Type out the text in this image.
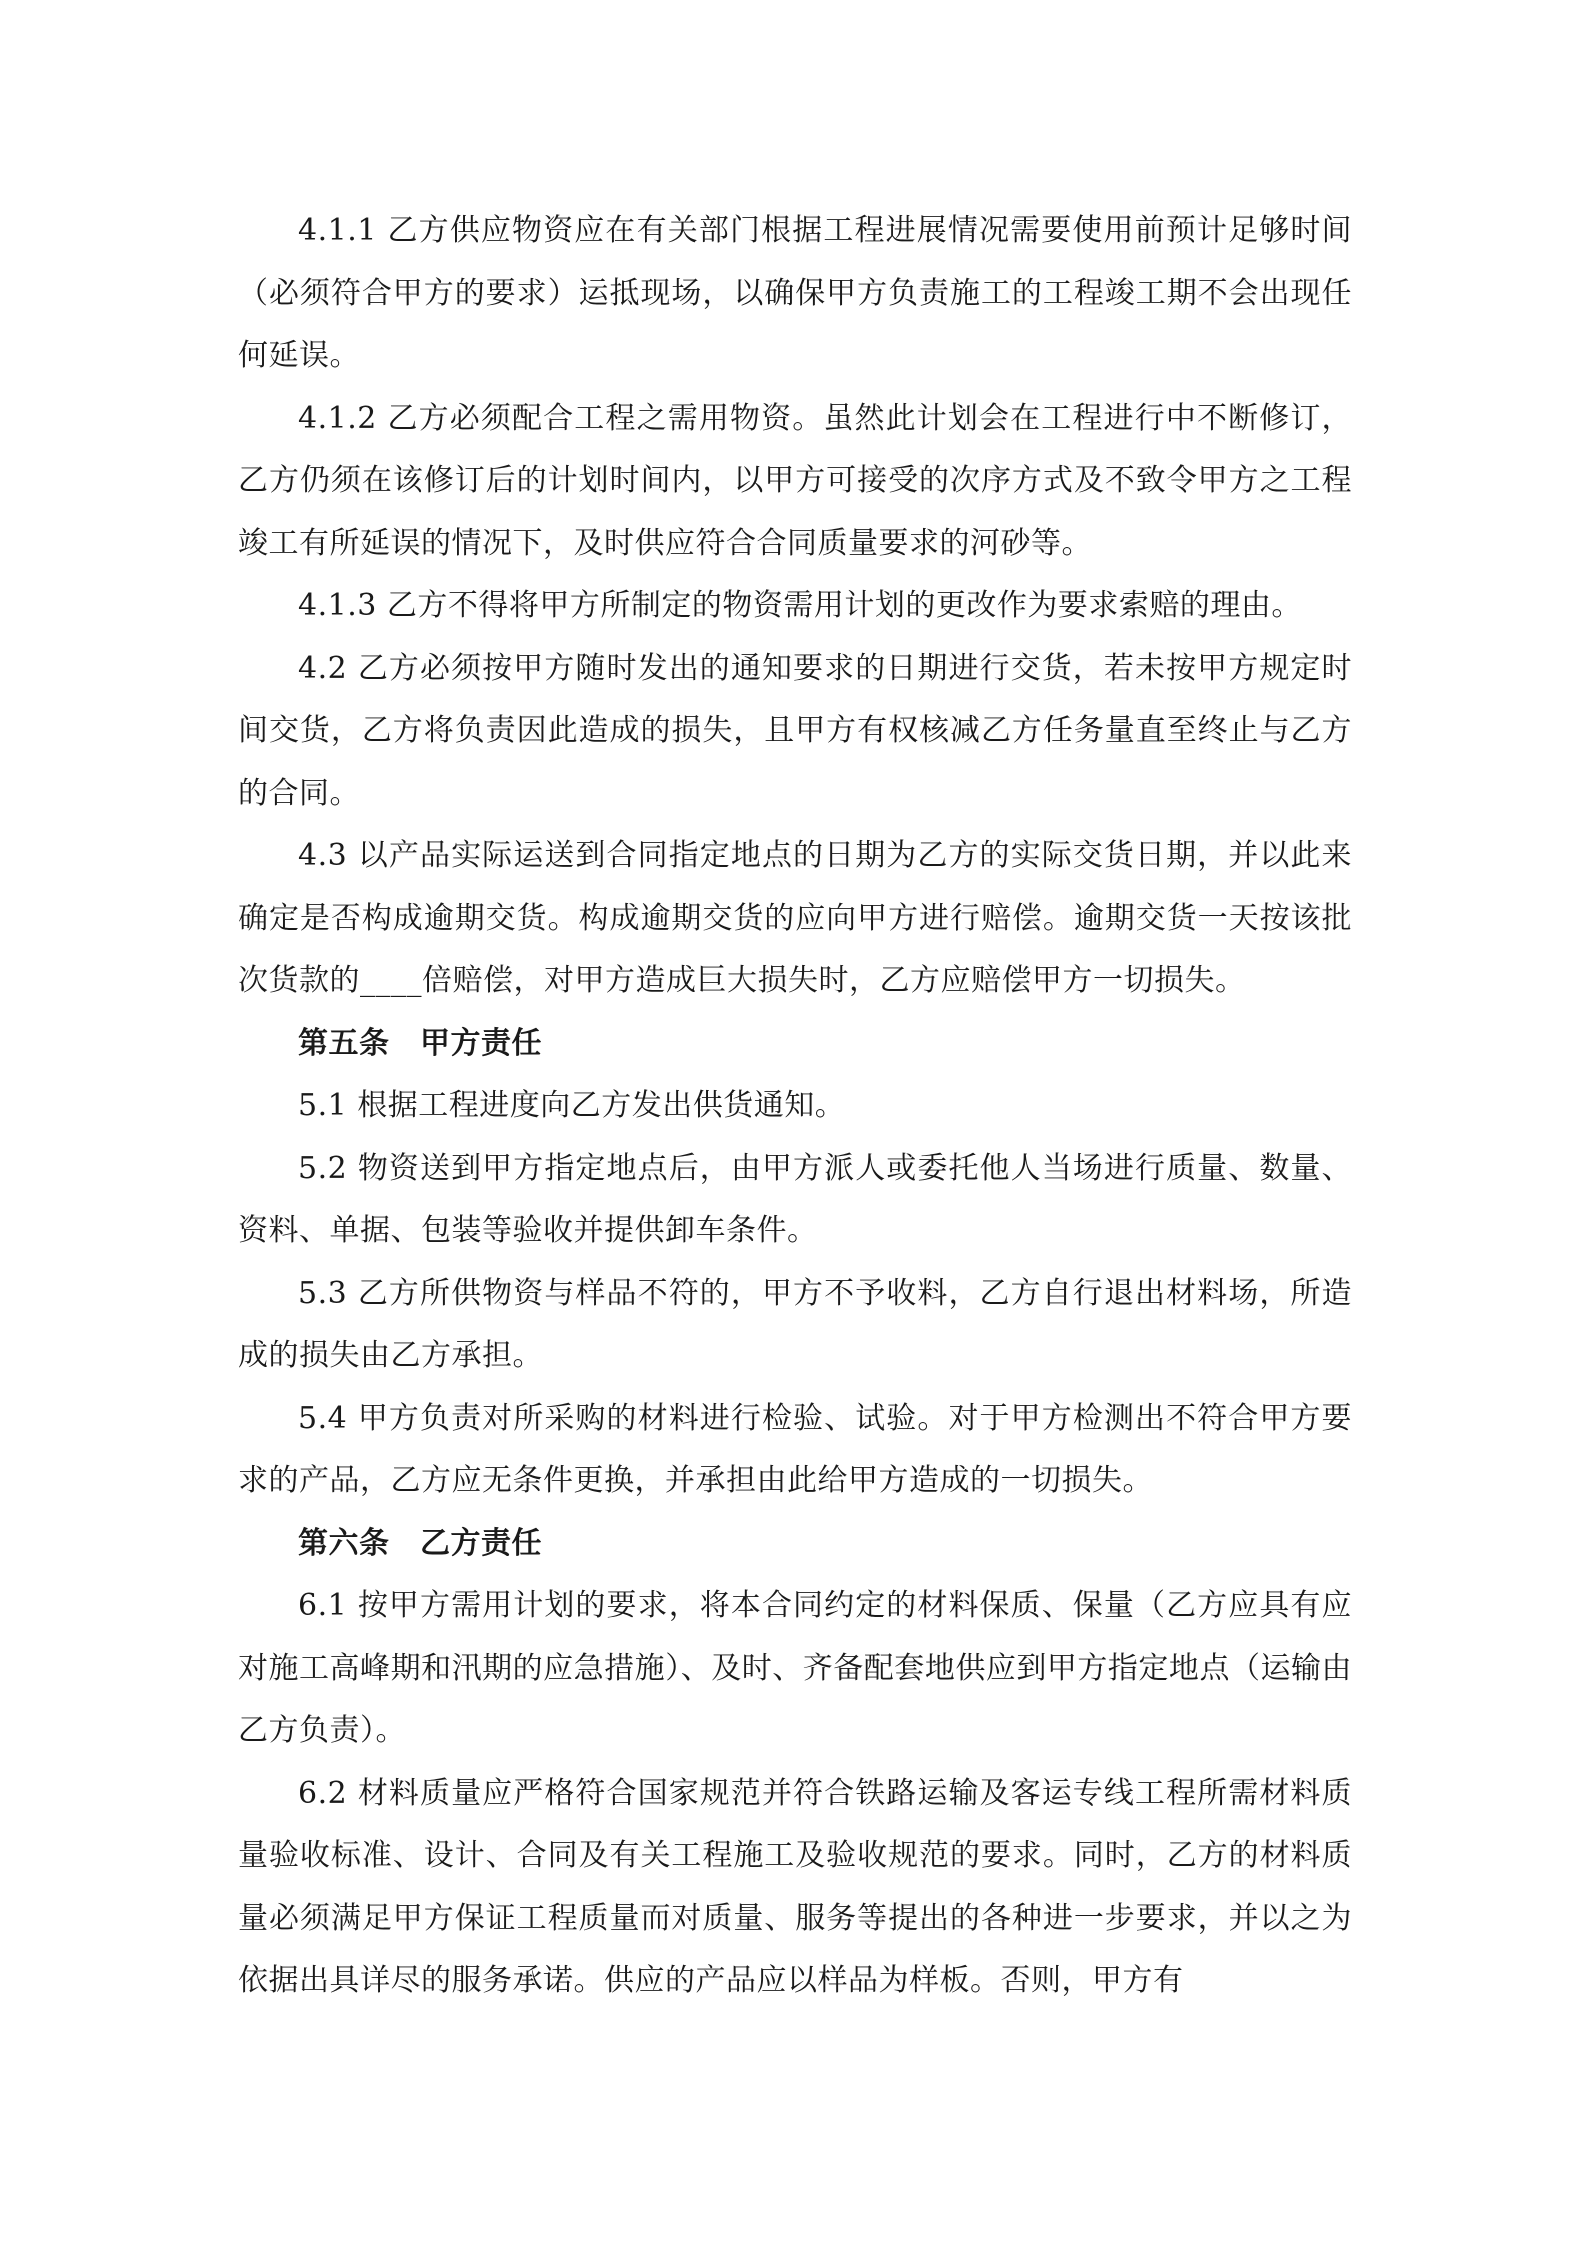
4.1.1 乙方供应物资应在有关部门根据工程进展情况需要使用前预计足够时间（必须符合甲方的要求）运抵现场，以确保甲方负责施工的工程竣工期不会出现任何延误。

4.1.2 乙方必须配合工程之需用物资。虽然此计划会在工程进行中不断修订，乙方仍须在该修订后的计划时间内，以甲方可接受的次序方式及不致令甲方之工程竣工有所延误的情况下，及时供应符合合同质量要求的河砂等。

4.1.3 乙方不得将甲方所制定的物资需用计划的更改作为要求索赔的理由。

4.2 乙方必须按甲方随时发出的通知要求的日期进行交货，若未按甲方规定时间交货，乙方将负责因此造成的损失，且甲方有权核减乙方任务量直至终止与乙方的合同。

4.3 以产品实际运送到合同指定地点的日期为乙方的实际交货日期，并以此来确定是否构成逾期交货。构成逾期交货的应向甲方进行赔偿。逾期交货一天按该批次货款的____倍赔偿，对甲方造成巨大损失时，乙方应赔偿甲方一切损失。

第五条　甲方责任

5.1 根据工程进度向乙方发出供货通知。

5.2 物资送到甲方指定地点后，由甲方派人或委托他人当场进行质量、数量、资料、单据、包装等验收并提供卸车条件。

5.3 乙方所供物资与样品不符的，甲方不予收料，乙方自行退出材料场，所造成的损失由乙方承担。

5.4 甲方负责对所采购的材料进行检验、试验。对于甲方检测出不符合甲方要求的产品，乙方应无条件更换，并承担由此给甲方造成的一切损失。

第六条　乙方责任

6.1 按甲方需用计划的要求，将本合同约定的材料保质、保量（乙方应具有应对施工高峰期和汛期的应急措施）、及时、齐备配套地供应到甲方指定地点（运输由乙方负责）。

6.2 材料质量应严格符合国家规范并符合铁路运输及客运专线工程所需材料质量验收标准、设计、合同及有关工程施工及验收规范的要求。同时，乙方的材料质量必须满足甲方保证工程质量而对质量、服务等提出的各种进一步要求，并以之为依据出具详尽的服务承诺。供应的产品应以样品为样板。否则，甲方有
